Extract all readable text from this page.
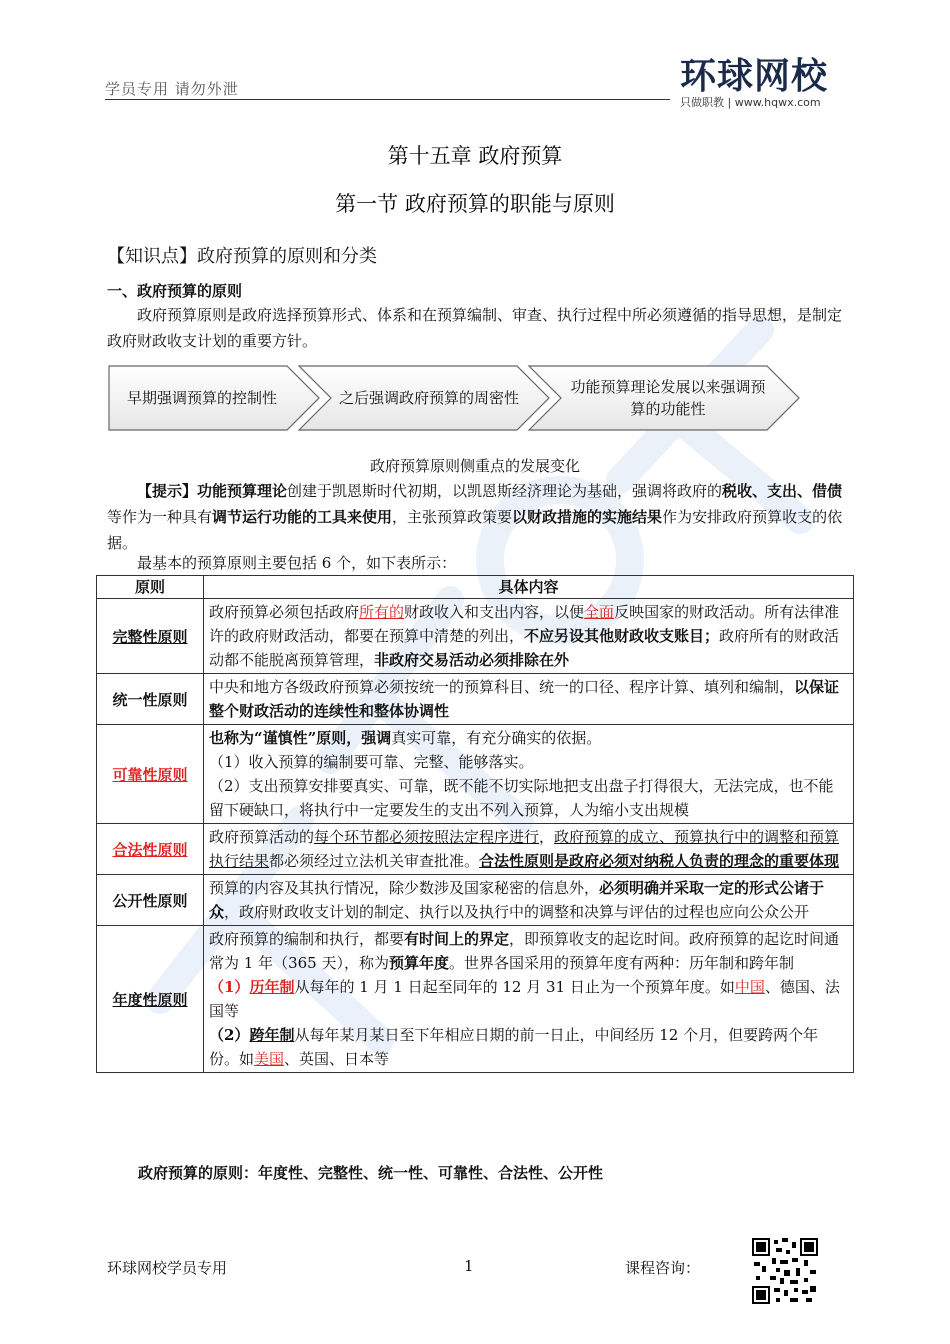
学员专用 请勿外泄	环球网校
只做职教 | www.hqwx.com
第十五章 政府预算
第一节 政府预算的职能与原则
【知识点】政府预算的原则和分类
一、政府预算的原则
政府预算原则是政府选择预算形式、体系和在预算编制、审查、执行过程中所必须遵循的指导思想，是制定政府财政收支计划的重要方针。
早期强调预算的控制性	之后强调政府预算的周密性
功能预算理论发展以来强调预算的功能性
政府预算原则侧重点的发展变化
【提示】功能预算理论创建于凯恩斯时代初期，以凯恩斯经济理论为基础，强调将政府的税收、支出、借债等作为一种具有调节运行功能的工具来使用，主张预算政策要以财政措施的实施结果作为安排政府预算收支的依据。
最基本的预算原则主要包括 6 个，如下表所示：
原则	具体内容
完整性原则	政府预算必须包括政府所有的财政收入和支出内容，以便全面反映国家的财政活动。所有法律准许的政府财政活动，都要在预算中清楚的列出，不应另设其他财政收支账目；政府所有的财政活动都不能脱离预算管理，非政府交易活动必须排除在外
统一性原则	中央和地方各级政府预算必须按统一的预算科目、统一的口径、程序计算、填列和编制，以保证整个财政活动的连续性和整体协调性
可靠性原则	也称为“谨慎性”原则，强调真实可靠，有充分确实的依据。
（1）收入预算的编制要可靠、完整、能够落实。
（2）支出预算安排要真实、可靠，既不能不切实际地把支出盘子打得很大，无法完成，也不能留下硬缺口，将执行中一定要发生的支出不列入预算，人为缩小支出规模
合法性原则	政府预算活动的每个环节都必须按照法定程序进行，政府预算的成立、预算执行中的调整和预算执行结果都必须经过立法机关审查批准。合法性原则是政府必须对纳税人负责的理念的重要体现
公开性原则	预算的内容及其执行情况，除少数涉及国家秘密的信息外，必须明确并采取一定的形式公诸于众，政府财政收支计划的制定、执行以及执行中的调整和决算与评估的过程也应向公众公开
年度性原则	政府预算的编制和执行，都要有时间上的界定，即预算收支的起讫时间。政府预算的起讫时间通常为 1 年（365 天），称为预算年度。世界各国采用的预算年度有两种：历年制和跨年制
（1）历年制从每年的 1 月 1 日起至同年的 12 月 31 日止为一个预算年度。如中国、德国、法国等
（2）跨年制从每年某月某日至下年相应日期的前一日止，中间经历 12 个月，但要跨两个年份。如美国、英国、日本等
政府预算的原则：年度性、完整性、统一性、可靠性、合法性、公开性
环球网校学员专用	1	课程咨询：
